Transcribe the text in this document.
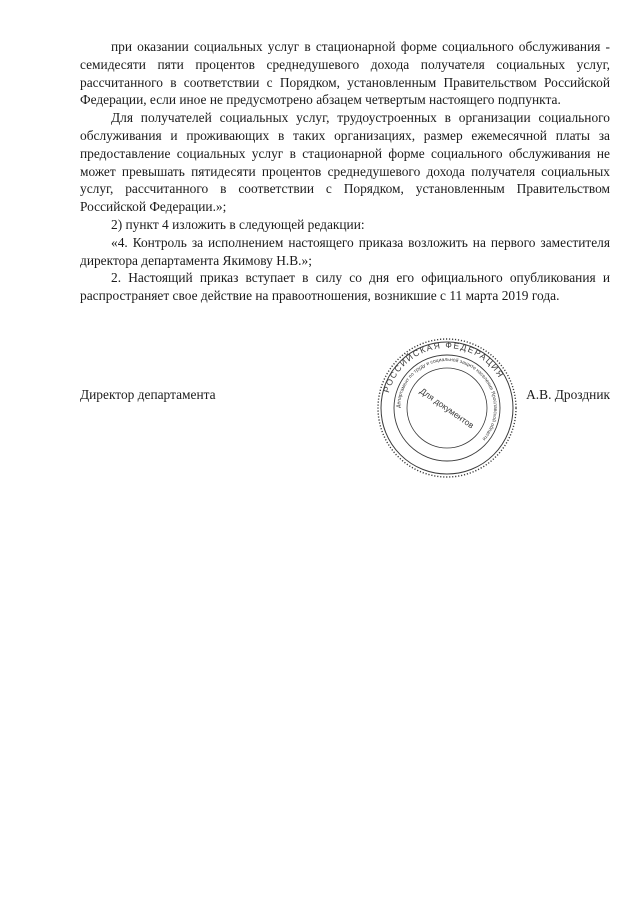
при оказании социальных услуг в стационарной форме социального обслуживания - семидесяти пяти процентов среднедушевого дохода получателя социальных услуг, рассчитанного в соответствии с Порядком, установленным Правительством Российской Федерации, если иное не предусмотрено абзацем четвертым настоящего подпункта.

Для получателей социальных услуг, трудоустроенных в организации социального обслуживания и проживающих в таких организациях, размер ежемесячной платы за предоставление социальных услуг в стационарной форме социального обслуживания не может превышать пятидесяти процентов среднедушевого дохода получателя социальных услуг, рассчитанного в соответствии с Порядком, установленным Правительством Российской Федерации.»;

2) пункт 4 изложить в следующей редакции:

«4. Контроль за исполнением настоящего приказа возложить на первого заместителя директора департамента Якимову Н.В.»;

2. Настоящий приказ вступает в силу со дня его официального опубликования и распространяет свое действие на правоотношения, возникшие с 11 марта 2019 года.

Директор департамента	А.В. Дроздник
РОССИЙСКАЯ ФЕДЕРАЦИЯ
Департамент по труду и социальной защите населения Ярославской области
Для документов
